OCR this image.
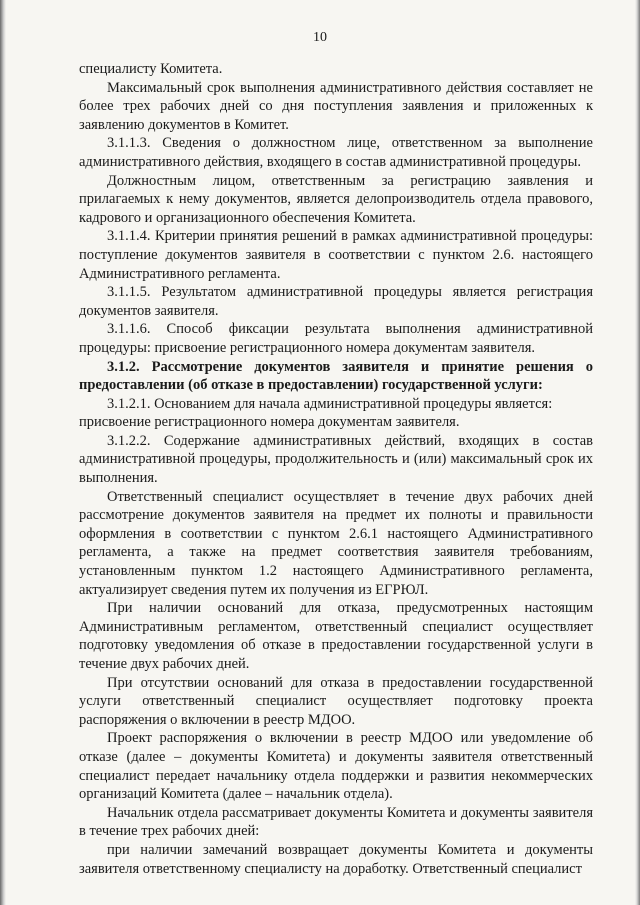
10

специалисту Комитета.

Максимальный срок выполнения административного действия составляет не более трех рабочих дней со дня поступления заявления и приложенных к заявлению документов в Комитет.

3.1.1.3. Сведения о должностном лице, ответственном за выполнение административного действия, входящего в состав административной процедуры.

Должностным лицом, ответственным за регистрацию заявления и прилагаемых к нему документов, является делопроизводитель отдела правового, кадрового и организационного обеспечения Комитета.

3.1.1.4. Критерии принятия решений в рамках административной процедуры: поступление документов заявителя в соответствии с пунктом 2.6. настоящего Административного регламента.

3.1.1.5. Результатом административной процедуры является регистрация документов заявителя.

3.1.1.6. Способ фиксации результата выполнения административной процедуры: присвоение регистрационного номера документам заявителя.

3.1.2. Рассмотрение документов заявителя и принятие решения о предоставлении (об отказе в предоставлении) государственной услуги:

3.1.2.1. Основанием для начала административной процедуры является:

присвоение регистрационного номера документам заявителя.

3.1.2.2. Содержание административных действий, входящих в состав административной процедуры, продолжительность и (или) максимальный срок их выполнения.

Ответственный специалист осуществляет в течение двух рабочих дней рассмотрение документов заявителя на предмет их полноты и правильности оформления в соответствии с пунктом 2.6.1 настоящего Административного регламента, а также на предмет соответствия заявителя требованиям, установленным пунктом 1.2 настоящего Административного регламента, актуализирует сведения путем их получения из ЕГРЮЛ.

При наличии оснований для отказа, предусмотренных настоящим Административным регламентом, ответственный специалист осуществляет подготовку уведомления об отказе в предоставлении государственной услуги в течение двух рабочих дней.

При отсутствии оснований для отказа в предоставлении государственной услуги ответственный специалист осуществляет подготовку проекта распоряжения о включении в реестр МДОО.

Проект распоряжения о включении в реестр МДОО или уведомление об отказе (далее – документы Комитета) и документы заявителя ответственный специалист передает начальнику отдела поддержки и развития некоммерческих организаций Комитета (далее – начальник отдела).

Начальник отдела рассматривает документы Комитета и документы заявителя в течение трех рабочих дней:

при наличии замечаний возвращает документы Комитета и документы заявителя ответственному специалисту на доработку. Ответственный специалист
